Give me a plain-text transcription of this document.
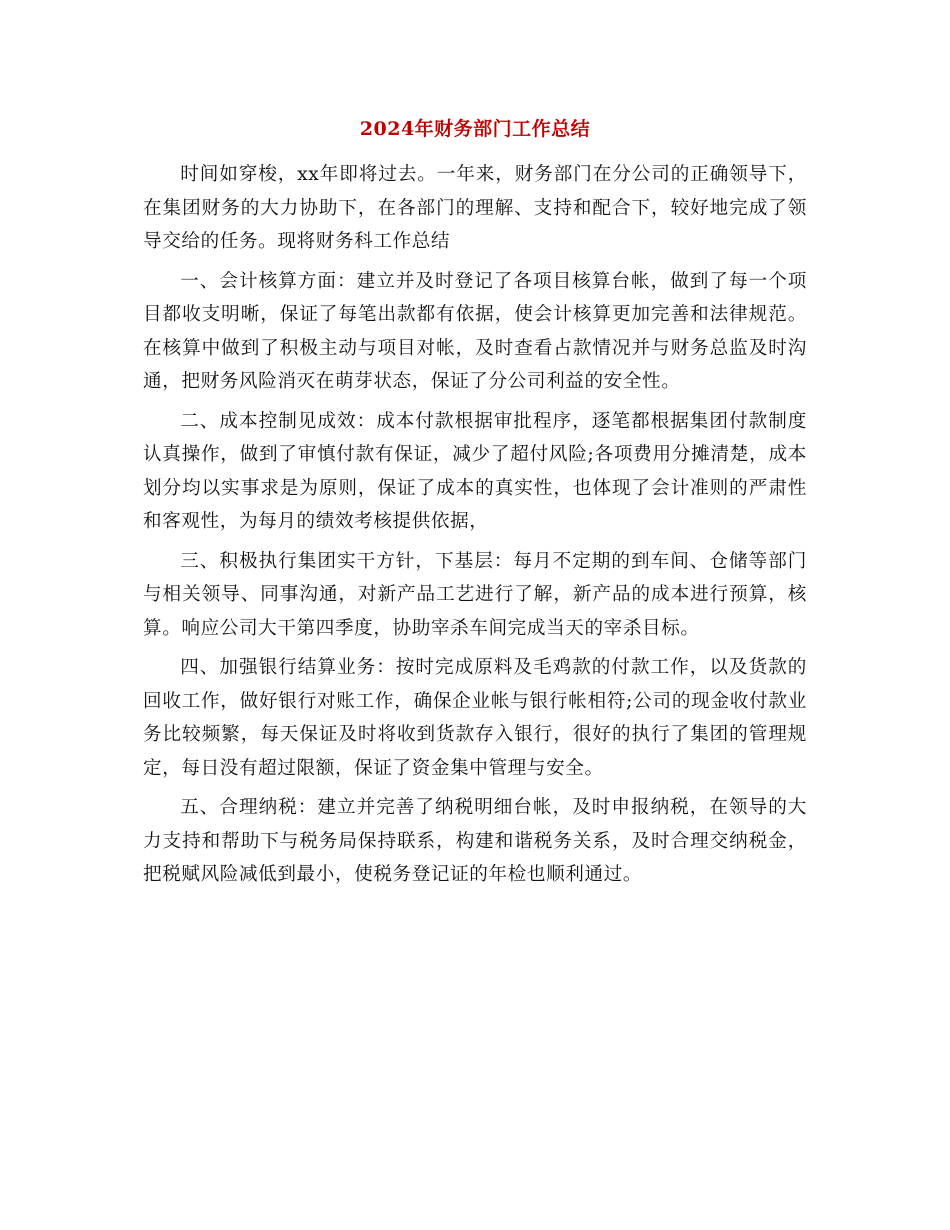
2024年财务部门工作总结

时间如穿梭，xx年即将过去。一年来，财务部门在分公司的正确领导下，在集团财务的大力协助下，在各部门的理解、支持和配合下，较好地完成了领导交给的任务。现将财务科工作总结

一、会计核算方面：建立并及时登记了各项目核算台帐，做到了每一个项目都收支明晰，保证了每笔出款都有依据，使会计核算更加完善和法律规范。在核算中做到了积极主动与项目对帐，及时查看占款情况并与财务总监及时沟通，把财务风险消灭在萌芽状态，保证了分公司利益的安全性。

二、成本控制见成效：成本付款根据审批程序，逐笔都根据集团付款制度认真操作，做到了审慎付款有保证，减少了超付风险;各项费用分摊清楚，成本划分均以实事求是为原则，保证了成本的真实性，也体现了会计准则的严肃性和客观性，为每月的绩效考核提供依据，

三、积极执行集团实干方针，下基层：每月不定期的到车间、仓储等部门与相关领导、同事沟通，对新产品工艺进行了解，新产品的成本进行预算，核算。响应公司大干第四季度，协助宰杀车间完成当天的宰杀目标。

四、加强银行结算业务：按时完成原料及毛鸡款的付款工作，以及货款的回收工作，做好银行对账工作，确保企业帐与银行帐相符;公司的现金收付款业务比较频繁，每天保证及时将收到货款存入银行，很好的执行了集团的管理规定，每日没有超过限额，保证了资金集中管理与安全。

五、合理纳税：建立并完善了纳税明细台帐，及时申报纳税，在领导的大力支持和帮助下与税务局保持联系，构建和谐税务关系，及时合理交纳税金，把税赋风险减低到最小，使税务登记证的年检也顺利通过。
